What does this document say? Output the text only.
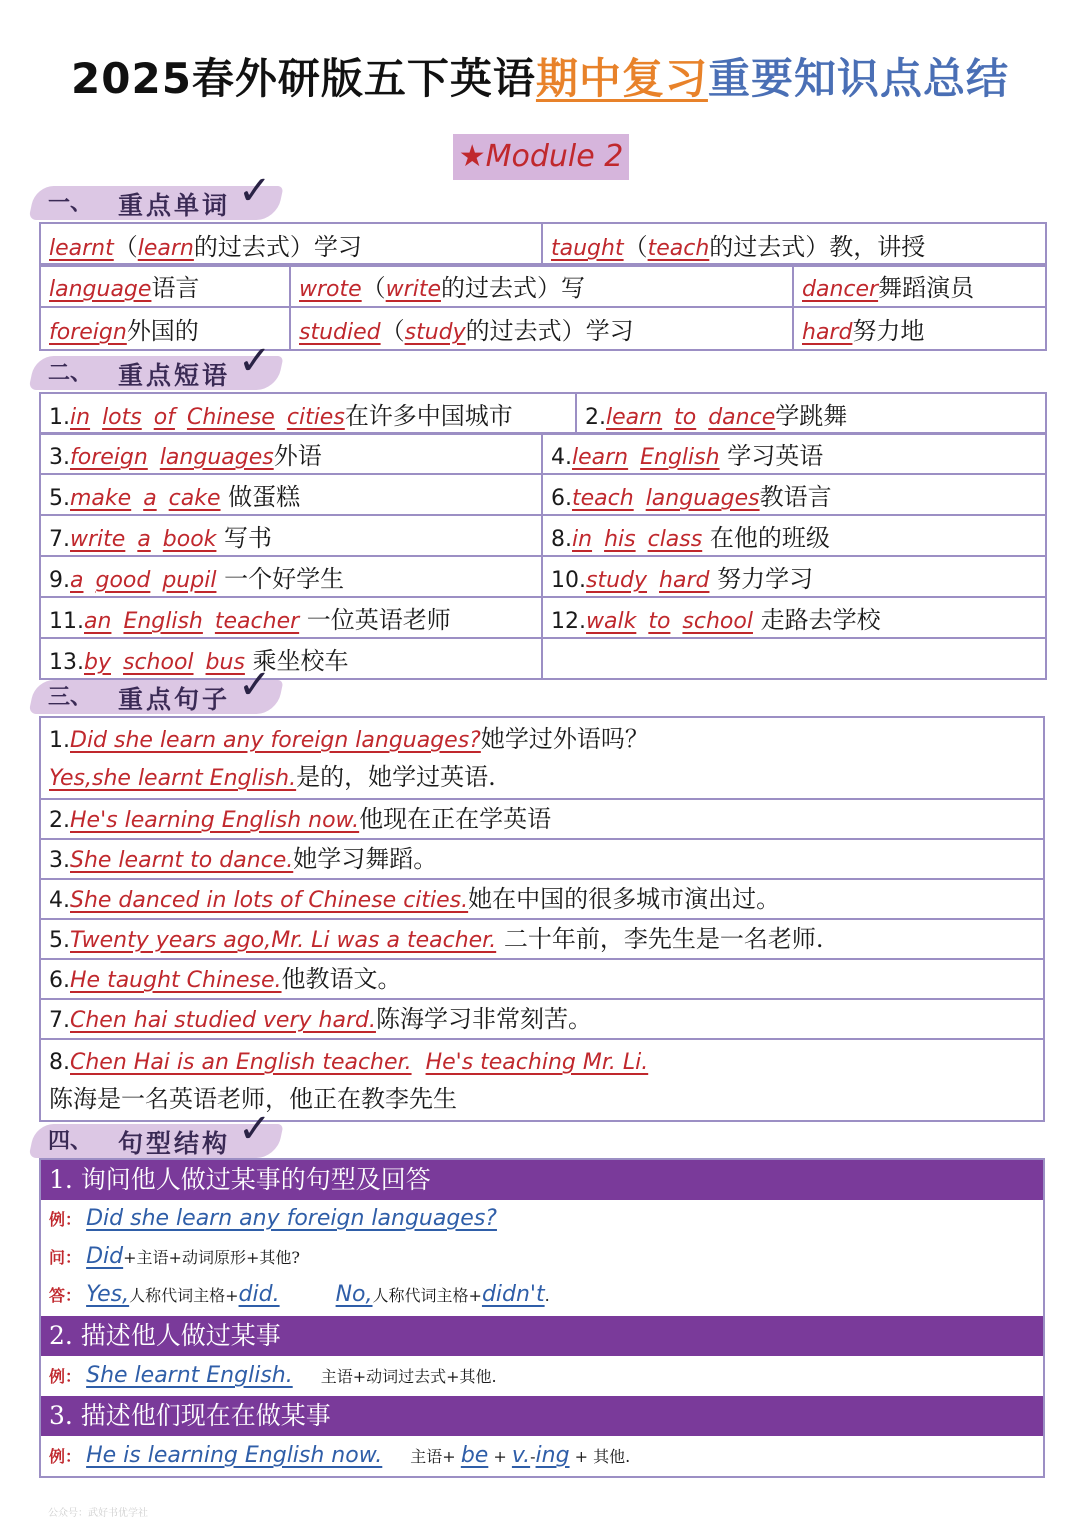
2025春外研版五下英语期中复习重要知识点总结
★Module 2
一、 重点单词 ✓
learnt（learn的过去式）学习	taught（teach的过去式）教，讲授
language语言	wrote（write的过去式）写	dancer舞蹈演员
foreign外国的	studied（study的过去式）学习	hard努力地
二、 重点短语 ✓
1.in lots of Chinese cities在许多中国城市	2.learn to dance学跳舞
3.foreign languages外语	4.learn English 学习英语
5.make a cake 做蛋糕	6.teach languages教语言
7.write a book 写书	8.in his class 在他的班级
9.a good pupil 一个好学生	10.study hard 努力学习
11.an English teacher 一位英语老师	12.walk to school 走路去学校
13.by school bus 乘坐校车	
三、 重点句子 ✓
1.Did she learn any foreign languages?她学过外语吗？
Yes,she learnt English.是的，她学过英语.
2.He's learning English now.他现在正在学英语
3.She learnt to dance.她学习舞蹈。
4.She danced in lots of Chinese cities.她在中国的很多城市演出过。
5.Twenty years ago,Mr. Li was a teacher. 二十年前，李先生是一名老师.
6.He taught Chinese.他教语文。
7.Chen hai studied very hard.陈海学习非常刻苦。
8.Chen Hai is an English teacher. He's teaching Mr. Li.
陈海是一名英语老师，他正在教李先生
四、 句型结构 ✓
1. 询问他人做过某事的句型及回答
例： Did she learn any foreign languages?
问： Did+主语+动词原形+其他?
答： Yes,人称代词主格+did.	No,人称代词主格+didn't.
2. 描述他人做过某事
例： She learnt English. 主语+动词过去式+其他.
3. 描述他们现在在做某事
例： He is learning English now. 主语+ be + v.-ing + 其他.
公众号：武好书优学社
